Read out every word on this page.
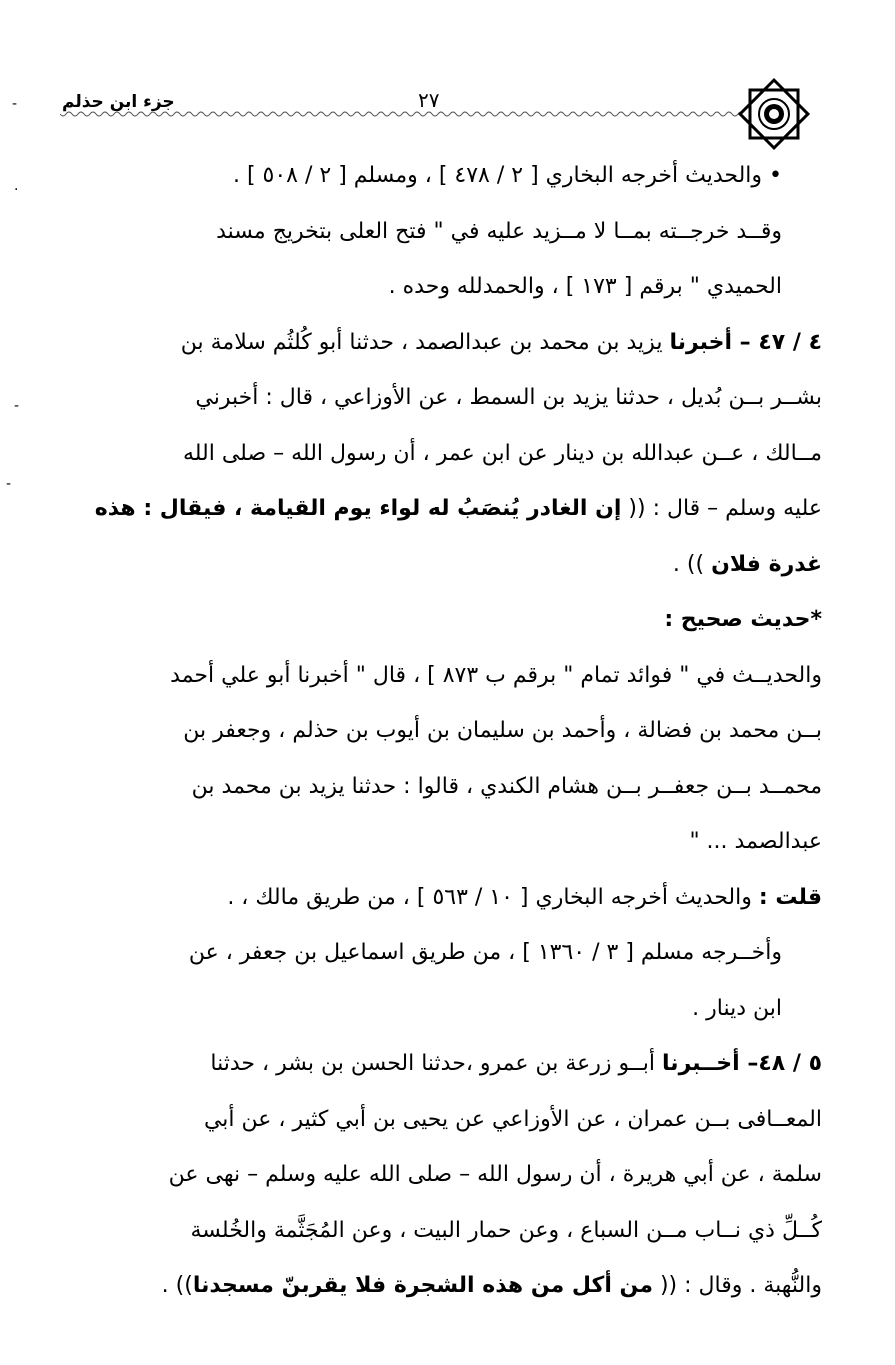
جزء ابن حذلم	٢٧
-
.
-
-
• والحديث أخرجه البخاري [ ٢ / ٤٧٨ ] ، ومسلم [ ٢ / ٥٠٨ ] .
وقــد خرجــته بمــا لا مــزيد عليه في " فتح العلى بتخريج مسند
الحميدي " برقم [ ١٧٣ ] ، والحمدلله وحده .
٤ / ٤٧ – أخبرنا يزيد بن محمد بن عبدالصمد ، حدثنا أبو كُلثُم سلامة بن
بشــر بــن بُديل ، حدثنا يزيد بن السمط ، عن الأوزاعي ، قال : أخبرني
مــالك ، عــن عبدالله بن دينار عن ابن عمر ، أن رسول الله – صلى الله
عليه وسلم – قال : (( إن الغادر يُنصَبُ له لواء يوم القيامة ، فيقال : هذه
غدرة فلان )) .
*حديث صحيح :
والحديــث في " فوائد تمام " برقم ب ٨٧٣ ] ، قال " أخبرنا أبو علي أحمد
بــن محمد بن فضالة ، وأحمد بن سليمان بن أيوب بن حذلم ، وجعفر بن
محمــد بــن جعفــر بــن هشام الكندي ، قالوا : حدثنا يزيد بن محمد بن
عبدالصمد ... "
قلت : والحديث أخرجه البخاري [ ١٠ / ٥٦٣ ] ، من طريق مالك ، .
وأخــرجه مسلم [ ٣ / ١٣٦٠ ] ، من طريق اسماعيل بن جعفر ، عن
ابن دينار .
٥ / ٤٨– أخــبرنا أبــو زرعة بن عمرو ،حدثنا الحسن بن بشر ، حدثنا
المعــافى بــن عمران ، عن الأوزاعي عن يحيى بن أبي كثير ، عن أبي
سلمة ، عن أبي هريرة ، أن رسول الله – صلى الله عليه وسلم – نهى عن
كُــلِّ ذي نــاب مــن السباع ، وعن حمار البيت ، وعن المُجَثَّمة والخُلسة
والنُّهبة . وقال : (( من أكل من هذه الشجرة فلا يقربنّ مسجدنا)) .
